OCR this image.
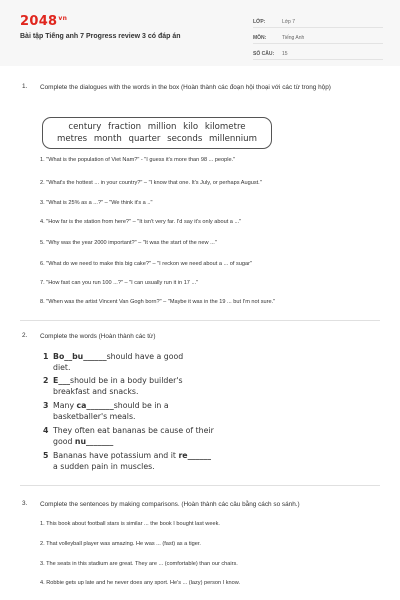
$2048^{vn}$
Bài tập Tiếng anh 7 Progress review 3 có đáp án
LỚP:	Lớp 7
MÔN:	Tiếng Anh
SỐ CÂU:	15
1. Complete the dialogues with the words in the box (Hoàn thành các đoạn hội thoại với các từ trong hộp)
century fraction million kilo kilometre
metres month quarter seconds millennium
1. "What is the population of Viet Nam?" - "I guess it's more than 98 ... people."
2. "What's the hottest ... in your country?" – "I know that one. It's July, or perhaps August."
3. "What is 25% as a ...?" – "We think it's a .."
4. "How far is the station from here?" – "It isn't very far. I'd say it's only about a ..."
5. "Why was the year 2000 important?" – "It was the start of the new ..."
6. "What do we need to make this big cake?" – "I reckon we need about a ... of sugar"
7. "How fast can you run 100 ...?" – "I can usually run it in 17 ..."
8. "When was the artist Vincent Van Gogh born?" – "Maybe it was in the 19 ... but I'm not sure."
2. Complete the words (Hoàn thành các từ)
1 Bo__bu______should have a good
diet.
2 E___should be in a body builder's
breakfast and snacks.
3 Many ca_______should be in a
basketballer's meals.
4 They often eat bananas be cause of their
good nu_______
5 Bananas have potassium and it re______
a sudden pain in muscles.
3. Complete the sentences by making comparisons. (Hoàn thành các câu bằng cách so sánh.)
1. This book about football stars is similar ... the book I bought last week.
2. That volleyball player was amazing. He was ... (fast) as a tiger.
3. The seats in this stadium are great. They are ... (comfortable) than our chairs.
4. Robbie gets up late and he never does any sport. He's ... (lazy) person I know.
